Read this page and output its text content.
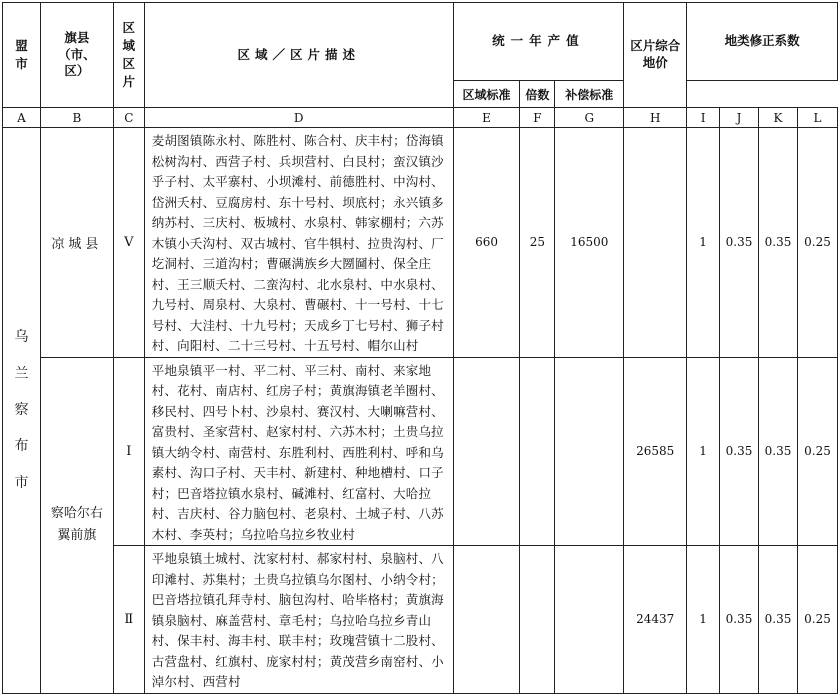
盟市	旗县（市、区）	区域区片	区域／区片描述	统一年产值			区片综合地价	地类修正系数			
				区域标准	倍数	补偿标准					
A	B	C	D	E	F	G	H	I	J	K	L
乌兰察布市	凉城县	Ⅴ	麦胡图镇陈永村、陈胜村、陈合村、庆丰村；岱海镇松树沟村、西营子村、兵坝营村、白艮村；蛮汉镇沙乎子村、太平寨村、小坝滩村、前德胜村、中沟村、岱洲夭村、豆腐房村、东十号村、坝底村；永兴镇多纳苏村、三庆村、板城村、水泉村、韩家棚村；六苏木镇小夭沟村、双古城村、官牛犋村、拉贵沟村、厂圪洞村、三道沟村；曹碾满族乡大圐圙村、保全庄村、王三顺夭村、二蛮沟村、北水泉村、中水泉村、九号村、周泉村、大泉村、曹碾村、十一号村、十七号村、大洼村、十九号村；天成乡丁七号村、狮子村村、向阳村、二十三号村、十五号村、帽尔山村	660	25	16500		1	0.35	0.35	0.25
	察哈尔右翼前旗	Ⅰ	平地泉镇平一村、平二村、平三村、南村、来家地村、花村、南店村、红房子村；黄旗海镇老羊圈村、移民村、四号卜村、沙泉村、赛汉村、大喇嘛营村、富贵村、圣家营村、赵家村村、六苏木村；土贵乌拉镇大纳令村、南营村、东胜利村、西胜利村、呼和乌素村、沟口子村、天丰村、新建村、种地槽村、口子村；巴音塔拉镇水泉村、碱滩村、红富村、大哈拉村、吉庆村、谷力脑包村、老泉村、土城子村、八苏木村、李英村；乌拉哈乌拉乡牧业村				26585	1	0.35	0.35	0.25
		Ⅱ	平地泉镇土城村、沈家村村、郝家村村、泉脑村、八印滩村、苏集村；土贵乌拉镇乌尔图村、小纳令村；巴音塔拉镇孔拜寺村、脑包沟村、哈毕格村；黄旗海镇泉脑村、麻盖营村、章毛村；乌拉哈乌拉乡青山村、保丰村、海丰村、联丰村；玫瑰营镇十二股村、古营盘村、红旗村、庞家村村；黄茂营乡南窑村、小淖尔村、西营村				24437	1	0.35	0.35	0.25
